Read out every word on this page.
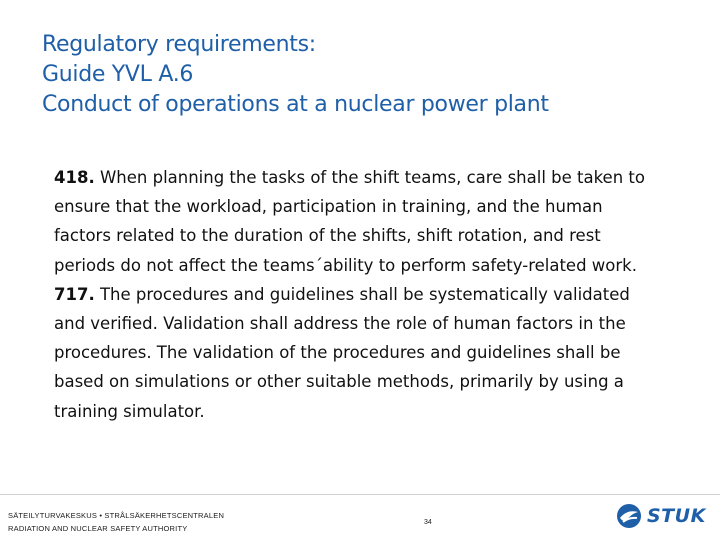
Regulatory requirements:
Guide YVL A.6
Conduct of operations at a nuclear power plant

418. When planning the tasks of the shift teams, care shall be taken to ensure that the workload, participation in training, and the human factors related to the duration of the shifts, shift rotation, and rest periods do not affect the teams´ability to perform safety-related work.

717. The procedures and guidelines shall be systematically validated and verified. Validation shall address the role of human factors in the procedures. The validation of the procedures and guidelines shall be based on simulations or other suitable methods, primarily by using a training simulator.

SÄTEILYTURVAKESKUS • STRÅLSÄKERHETSCENTRALEN
RADIATION AND NUCLEAR SAFETY AUTHORITY
34	STUK
